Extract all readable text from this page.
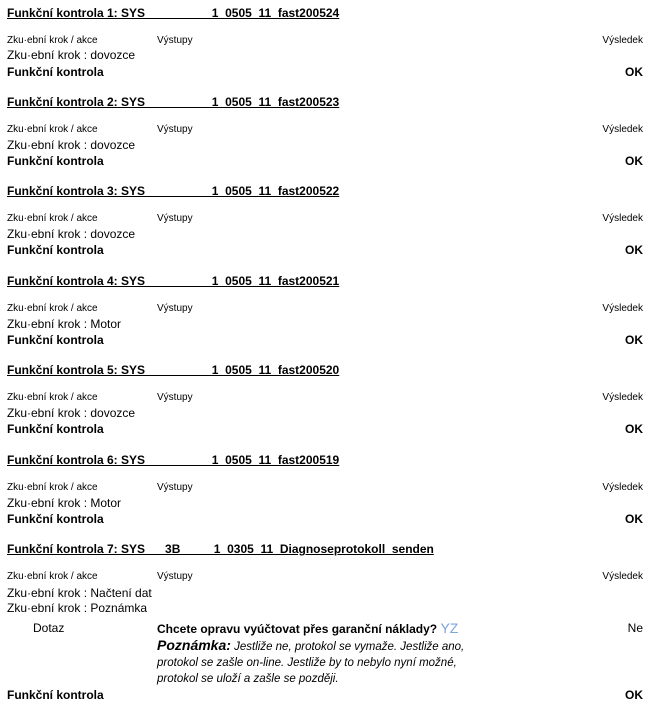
Funkční kontrola 1: SYS__________1_0505_11_fast200524
Zku·ební krok / akce	Výstupy	Výsledek
Zku·ební krok : dovozce
Funkční kontrola	OK
Funkční kontrola 2: SYS__________1_0505_11_fast200523
Zku·ební krok / akce	Výstupy	Výsledek
Zku·ební krok : dovozce
Funkční kontrola	OK
Funkční kontrola 3: SYS__________1_0505_11_fast200522
Zku·ební krok / akce	Výstupy	Výsledek
Zku·ební krok : dovozce
Funkční kontrola	OK
Funkční kontrola 4: SYS__________1_0505_11_fast200521
Zku·ební krok / akce	Výstupy	Výsledek
Zku·ební krok : Motor
Funkční kontrola	OK
Funkční kontrola 5: SYS__________1_0505_11_fast200520
Zku·ební krok / akce	Výstupy	Výsledek
Zku·ební krok : dovozce
Funkční kontrola	OK
Funkční kontrola 6: SYS__________1_0505_11_fast200519
Zku·ební krok / akce	Výstupy	Výsledek
Zku·ební krok : Motor
Funkční kontrola	OK
Funkční kontrola 7: SYS___3B_____1_0305_11_Diagnoseprotokoll_senden
Zku·ební krok / akce	Výstupy	Výsledek
Zku·ební krok : Načtení dat
Zku·ební krok : Poznámka
Dotaz	Chcete opravu vyúčtovat přes garanční náklady? YZ	Ne
Poznámka: Jestliže ne, protokol se vymaže. Jestliže ano, protokol se zašle on-line. Jestliže by to nebylo nyní možné, protokol se uloží a zašle se později.
Funkční kontrola	OK
